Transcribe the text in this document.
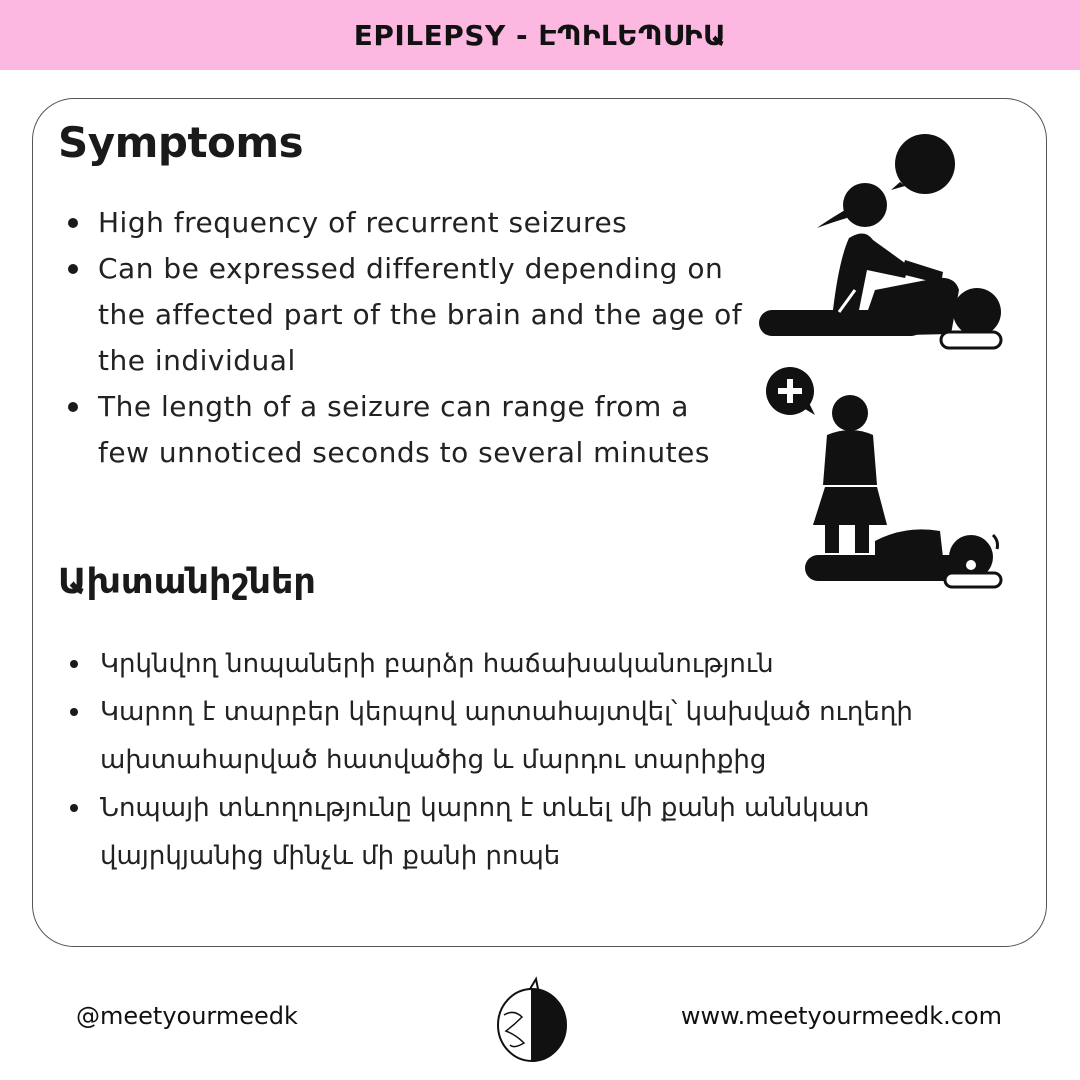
EPILEPSY - ԷՊԻԼԵՊՍԻԱ
Symptoms
High frequency of recurrent seizures
Can be expressed differently depending on the affected part of the brain and the age of the individual
The length of a seizure can range from a few unnoticed seconds to several minutes
Ախտանիշներ
Կրկնվող նոպաների բարձր հաճախականություն
Կարող է տարբեր կերպով արտահայտվել՝ կախված ուղեղի ախտահարված հատվածից և մարդու տարիքից
Նոպայի տևողությունը կարող է տևել մի քանի աննկատ վայրկյանից մինչև մի քանի րոպե
@meetyourmeedk	www.meetyourmeedk.com
